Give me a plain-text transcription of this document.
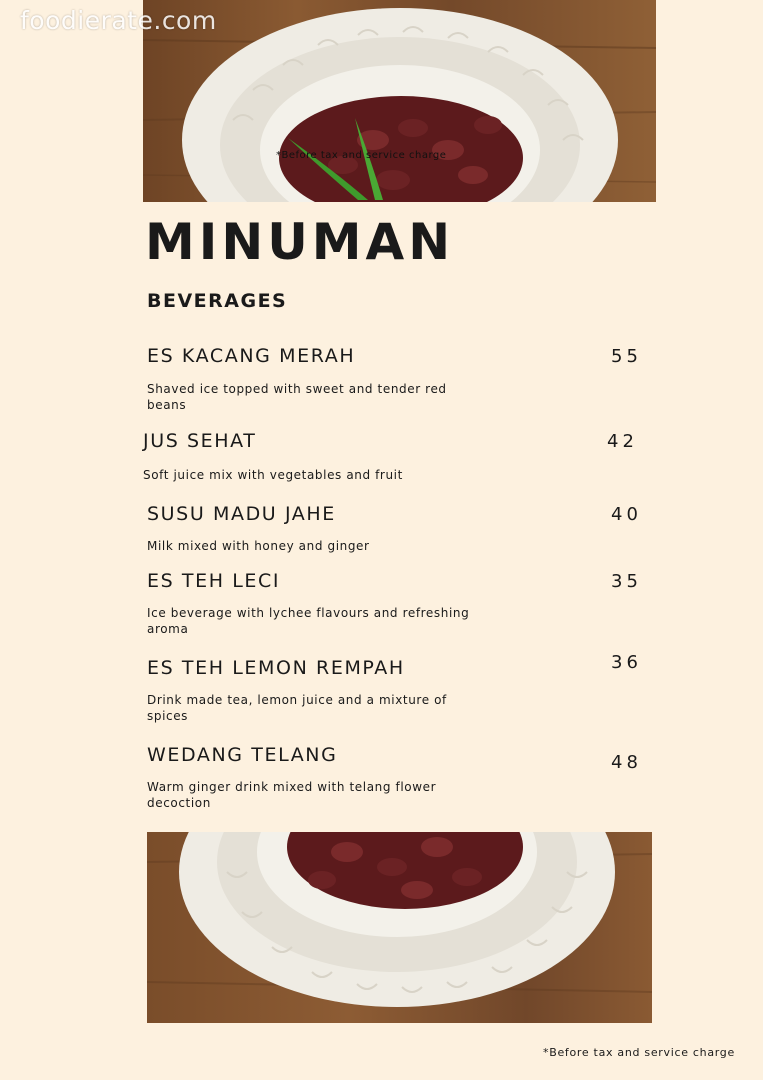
foodierate.com
*Before tax and service charge
MINUMAN
BEVERAGES
ES KACANG MERAH	55
Shaved ice topped with sweet and tender red beans
JUS SEHAT	42
Soft juice mix with vegetables and fruit
SUSU MADU JAHE	40
Milk mixed with honey and ginger
ES TEH LECI	35
Ice beverage with lychee flavours and refreshing aroma
ES TEH LEMON REMPAH	36
Drink made tea, lemon juice and a mixture of spices
WEDANG TELANG	48
Warm ginger drink mixed with telang flower decoction
*Before tax and service charge
